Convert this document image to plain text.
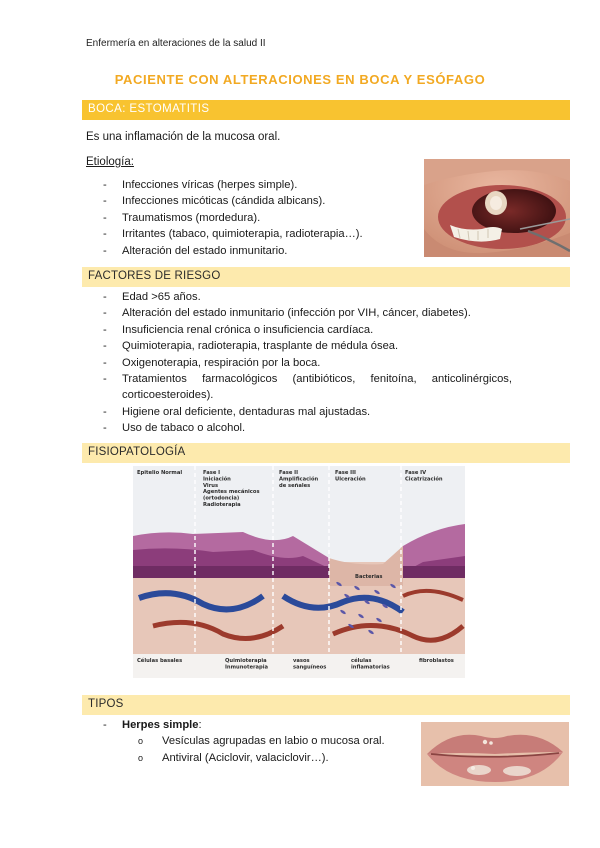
Enfermería en alteraciones de la salud II
PACIENTE CON ALTERACIONES EN BOCA Y ESÓFAGO
BOCA: ESTOMATITIS
Es una inflamación de la mucosa oral.
Etiología:
- Infecciones víricas (herpes simple).
- Infecciones micóticas (cándida albicans).
- Traumatismos (mordedura).
- Irritantes (tabaco, quimioterapia, radioterapia…).
- Alteración del estado inmunitario.
FACTORES DE RIESGO
- Edad >65 años.
- Alteración del estado inmunitario (infección por VIH, cáncer, diabetes).
- Insuficiencia renal crónica o insuficiencia cardíaca.
- Quimioterapia, radioterapia, trasplante de médula ósea.
- Oxigenoterapia, respiración por la boca.
- Tratamientos farmacológicos (antibióticos, fenitoína, anticolinérgicos,
corticoesteroides).
- Higiene oral deficiente, dentaduras mal ajustadas.
- Uso de tabaco o alcohol.
FISIOPATOLOGÍA
Epitelio Normal	Fase I
Iniciación
Virus
Agentes mecánicos
(ortodoncia)
Radioterapia
Fase II
Amplificación
de señales
Fase III
Ulceración
Fase IV
Cicatrización
Bacterias
Células basales	Quimioterapia
Inmunoterapia
vasos
sanguíneos
células
inflamatorias
fibroblastos
TIPOS
- Herpes simple:
o Vesículas agrupadas en labio o mucosa oral.
o Antiviral (Aciclovir, valaciclovir…).
